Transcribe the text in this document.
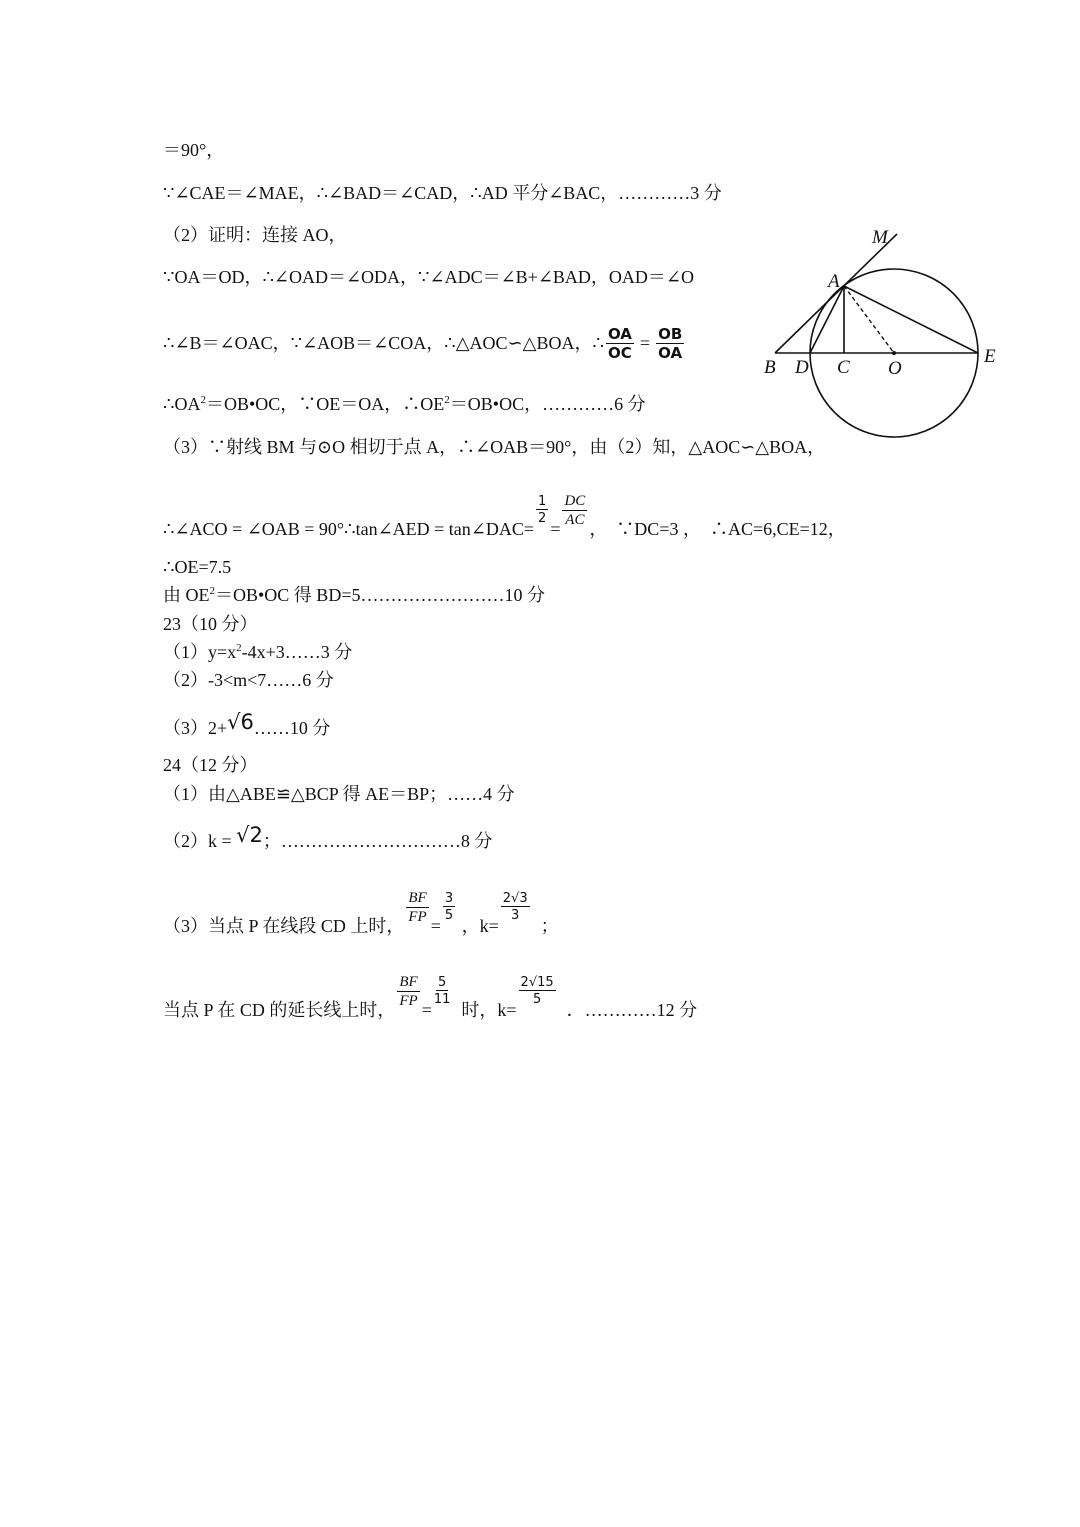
＝90°，
∵∠CAE＝∠MAE，∴∠BAD＝∠CAD，∴AD 平分∠BAC，…………3 分
（2）证明：连接 AO，
∵OA＝OD，∴∠OAD＝∠ODA，∵∠ADC＝∠B+∠BAD，OAD＝∠O
∴∠B＝∠OAC，∵∠AOB＝∠COA，∴△AOC∽△BOA，∴ $\frac{OA}{OC} = \frac{OB}{OA}$
$\therefore OA^2=OB•OC$，∵OE＝OA，$\therefore OE^2=OB•OC$，…………6 分
（3）∵射线 BM 与⊙O 相切于点 A，∴∠OAB＝90°，由（2）知，△AOC∽△BOA，
∴∠ACO = ∠OAB = 90°∴tan∠AED = tan∠DAC=
$\frac{1}{2}$
=
$\frac{DC}{AC}$
，  ∵DC=3 ，  ∴AC=6,CE=12，
∴OE=7.5
由 $OE^2=OB•OC$ 得 BD=5……………………10 分
23（10 分）
$(1)y=x^2-4x+3\dots\dots 3$ 分
（2）-3<m<7……6 分
（3）2+√6……10 分
24（12 分）
（1）由△ABE≌△BCP 得 AE＝BP；……4 分
（2）k = √2；…………………………8 分
（3）当点 P 在线段 CD 上时，
$\frac{BF}{FP}$
=
$\frac{3}{5}$
，k=
$\frac{2√3}{3}$
；
当点 P 在 CD 的延长线上时，
$\frac{BF}{FP}$
=
$\frac{5}{11}$
时，k=
$\frac{2√15}{5}$
．…………12 分
M
A
B D C O
E
